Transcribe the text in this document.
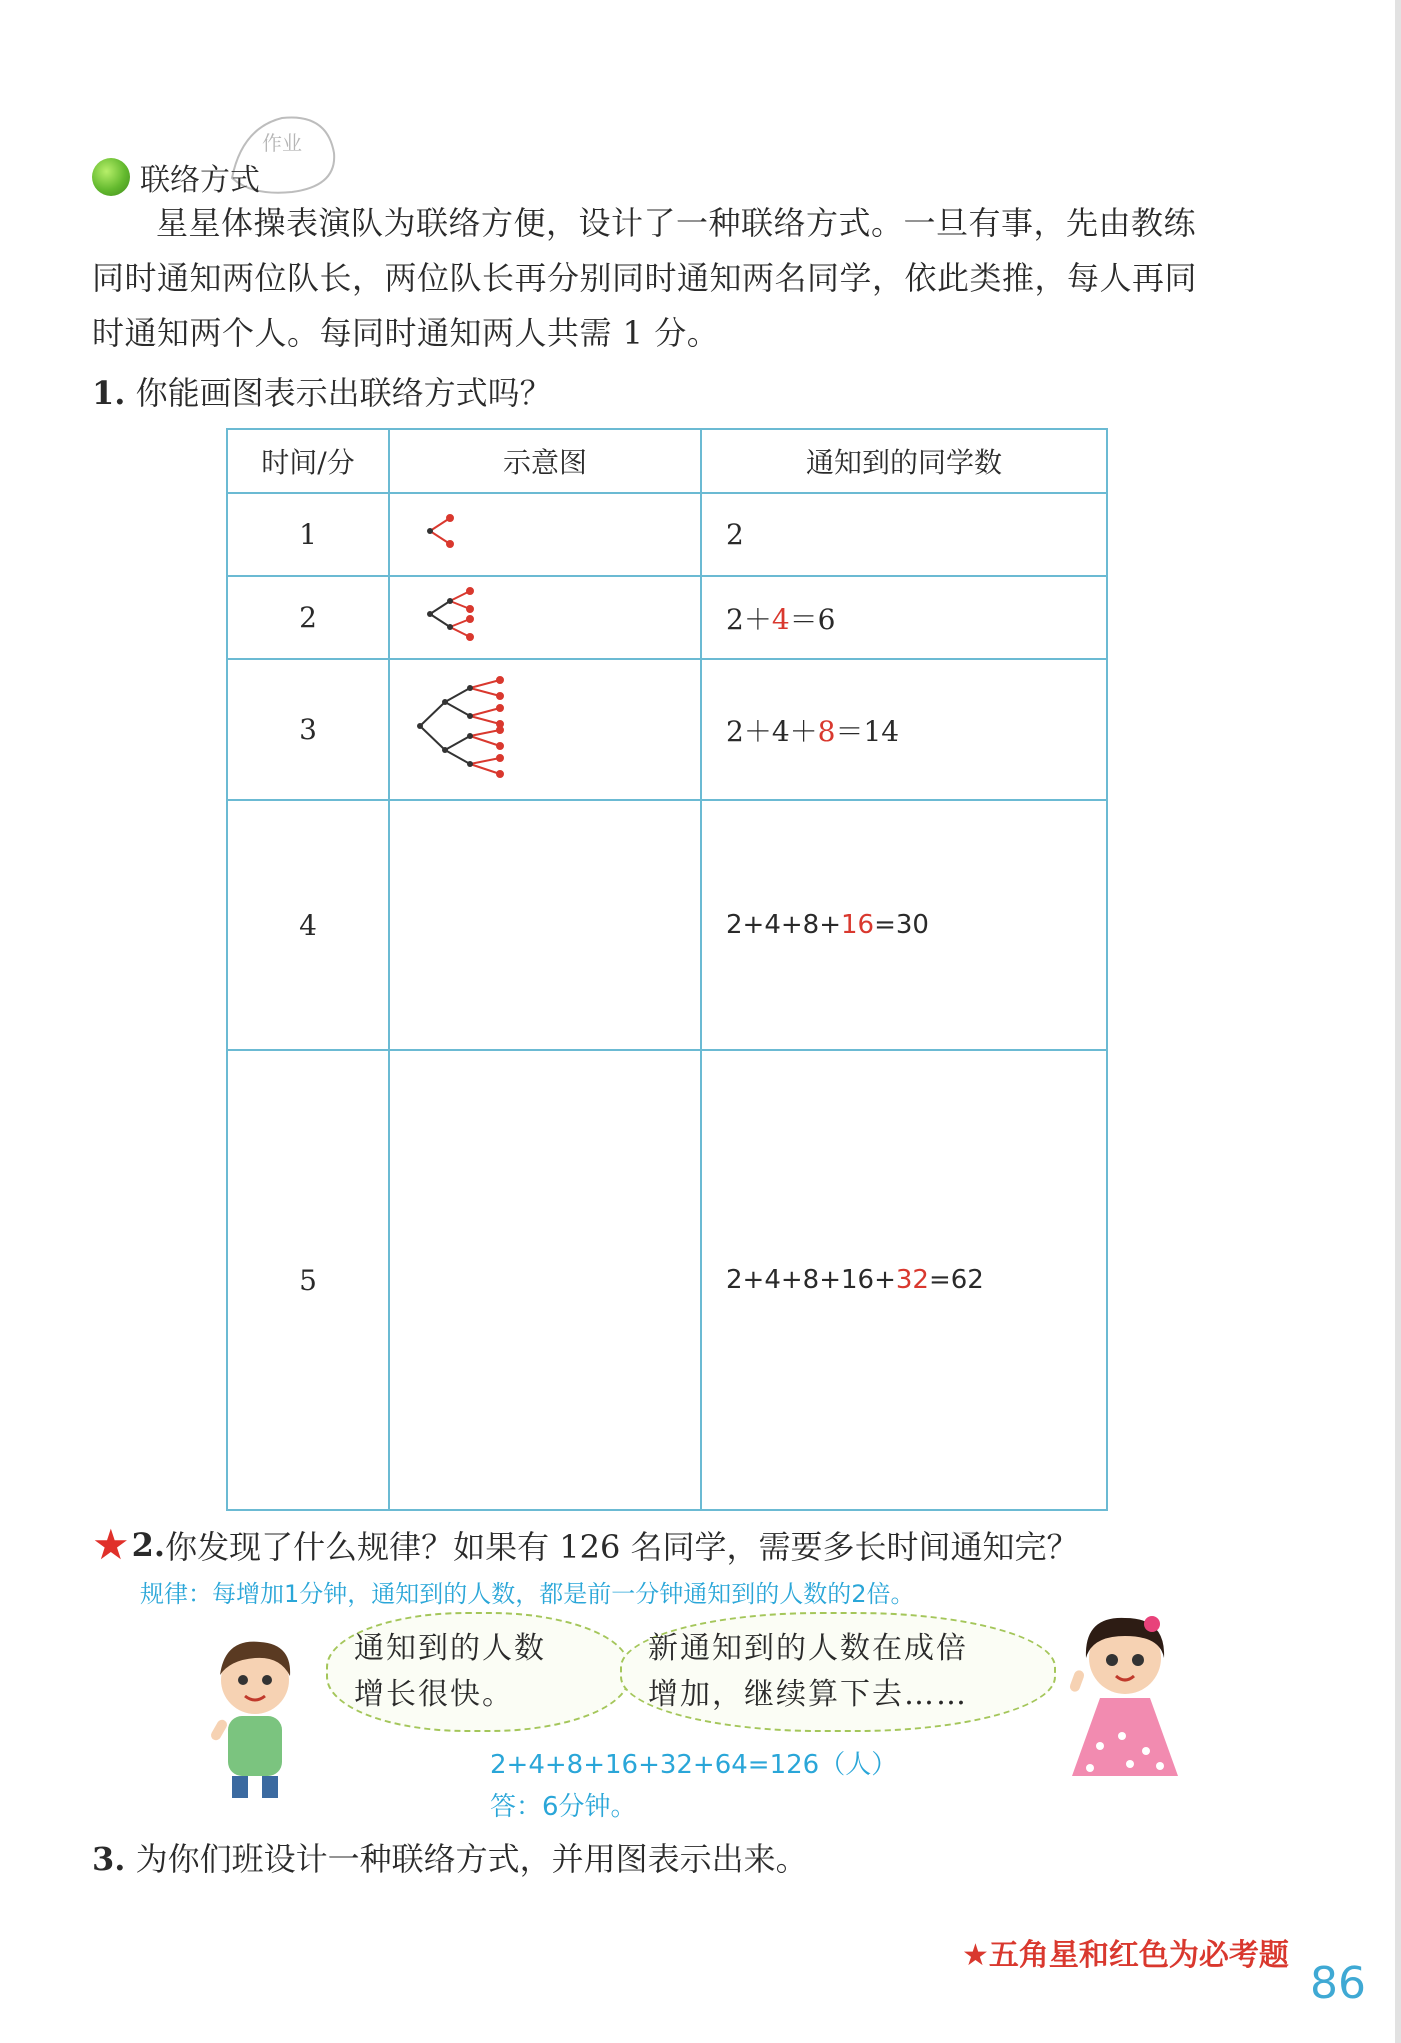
作业
联络方式
星星体操表演队为联络方便，设计了一种联络方式。一旦有事，先由教练
同时通知两位队长，两位队长再分别同时通知两名同学，依此类推，每人再同
时通知两个人。每同时通知两人共需 1 分。
1. 你能画图表示出联络方式吗？
时间/分	示意图	通知到的同学数
1		2
2		2＋4＝6
3		2＋4＋8＝14
4		2+4+8+16=30
5		2+4+8+16+32=62
★ 2. 你发现了什么规律？如果有 126 名同学，需要多长时间通知完？
规律：每增加1分钟，通知到的人数，都是前一分钟通知到的人数的2倍。
通知到的人数
增长很快。
新通知到的人数在成倍
增加，继续算下去……
2+4+8+16+32+64=126（人）
答：6分钟。
3. 为你们班设计一种联络方式，并用图表示出来。
★五角星和红色为必考题
86
